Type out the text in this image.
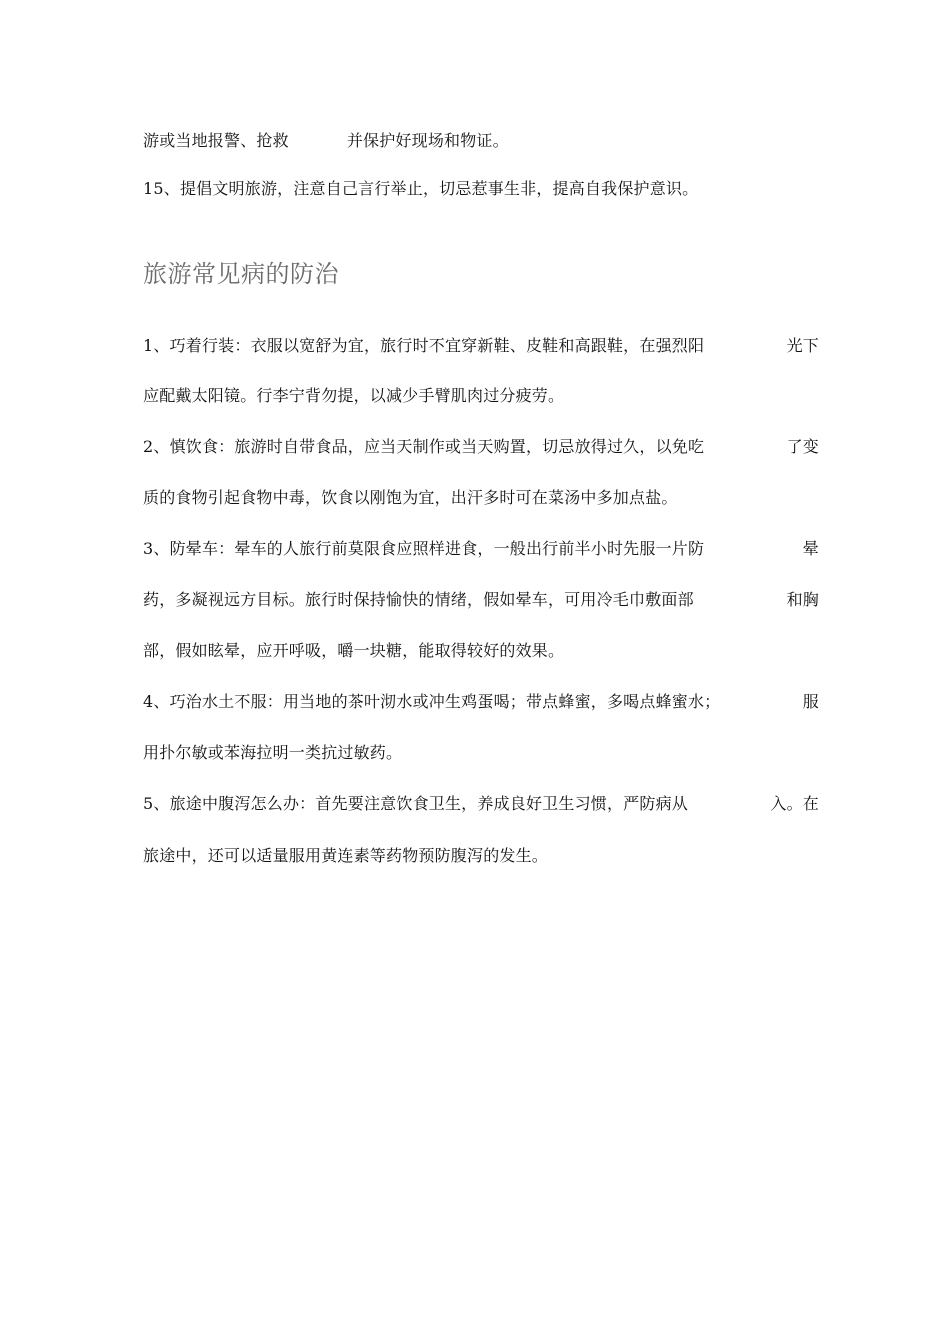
游或当地报警、抢救	并保护好现场和物证。
15、提倡文明旅游，注意自己言行举止，切忌惹事生非，提高自我保护意识。
旅游常见病的防治
1、巧着行装：衣服以宽舒为宜，旅行时不宜穿新鞋、皮鞋和高跟鞋，在强烈阳	光下
应配戴太阳镜。行李宁背勿提，以减少手臂肌肉过分疲劳。
2、慎饮食：旅游时自带食品，应当天制作或当天购置，切忌放得过久，以免吃	了变
质的食物引起食物中毒，饮食以刚饱为宜，出汗多时可在菜汤中多加点盐。
3、防晕车：晕车的人旅行前莫限食应照样进食，一般出行前半小时先服一片防	晕
药，多凝视远方目标。旅行时保持愉快的情绪，假如晕车，可用冷毛巾敷面部	和胸
部，假如眩晕，应开呼吸，嚼一块糖，能取得较好的效果。
4、巧治水土不服：用当地的茶叶沏水或冲生鸡蛋喝；带点蜂蜜，多喝点蜂蜜水；	服
用扑尔敏或苯海拉明一类抗过敏药。
5、旅途中腹泻怎么办：首先要注意饮食卫生，养成良好卫生习惯，严防病从	入。在
旅途中，还可以适量服用黄连素等药物预防腹泻的发生。
